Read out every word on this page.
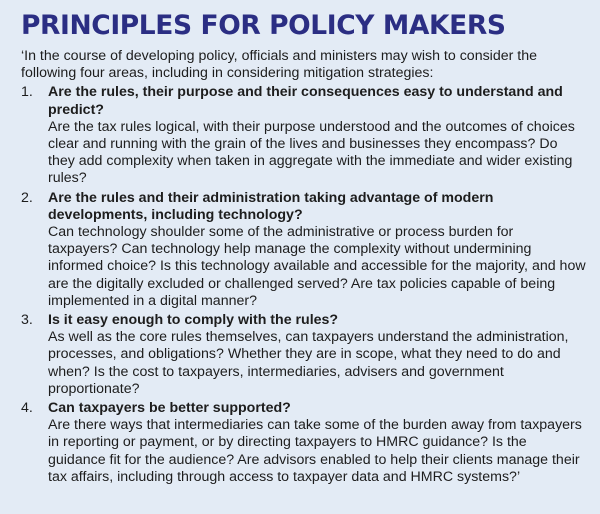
PRINCIPLES FOR POLICY MAKERS

‘In the course of developing policy, officials and ministers may wish to consider the following four areas, including in considering mitigation strategies:

1. Are the rules, their purpose and their consequences easy to understand and predict?
Are the tax rules logical, with their purpose understood and the outcomes of choices clear and running with the grain of the lives and businesses they encompass? Do they add complexity when taken in aggregate with the immediate and wider existing rules?
2. Are the rules and their administration taking advantage of modern developments, including technology?
Can technology shoulder some of the administrative or process burden for taxpayers? Can technology help manage the complexity without undermining informed choice? Is this technology available and accessible for the majority, and how are the digitally excluded or challenged served? Are tax policies capable of being implemented in a digital manner?
3. Is it easy enough to comply with the rules?
As well as the core rules themselves, can taxpayers understand the administration, processes, and obligations? Whether they are in scope, what they need to do and when? Is the cost to taxpayers, intermediaries, advisers and government proportionate?
4. Can taxpayers be better supported?
Are there ways that intermediaries can take some of the burden away from taxpayers in reporting or payment, or by directing taxpayers to HMRC guidance? Is the guidance fit for the audience? Are advisors enabled to help their clients manage their tax affairs, including through access to taxpayer data and HMRC systems?’
